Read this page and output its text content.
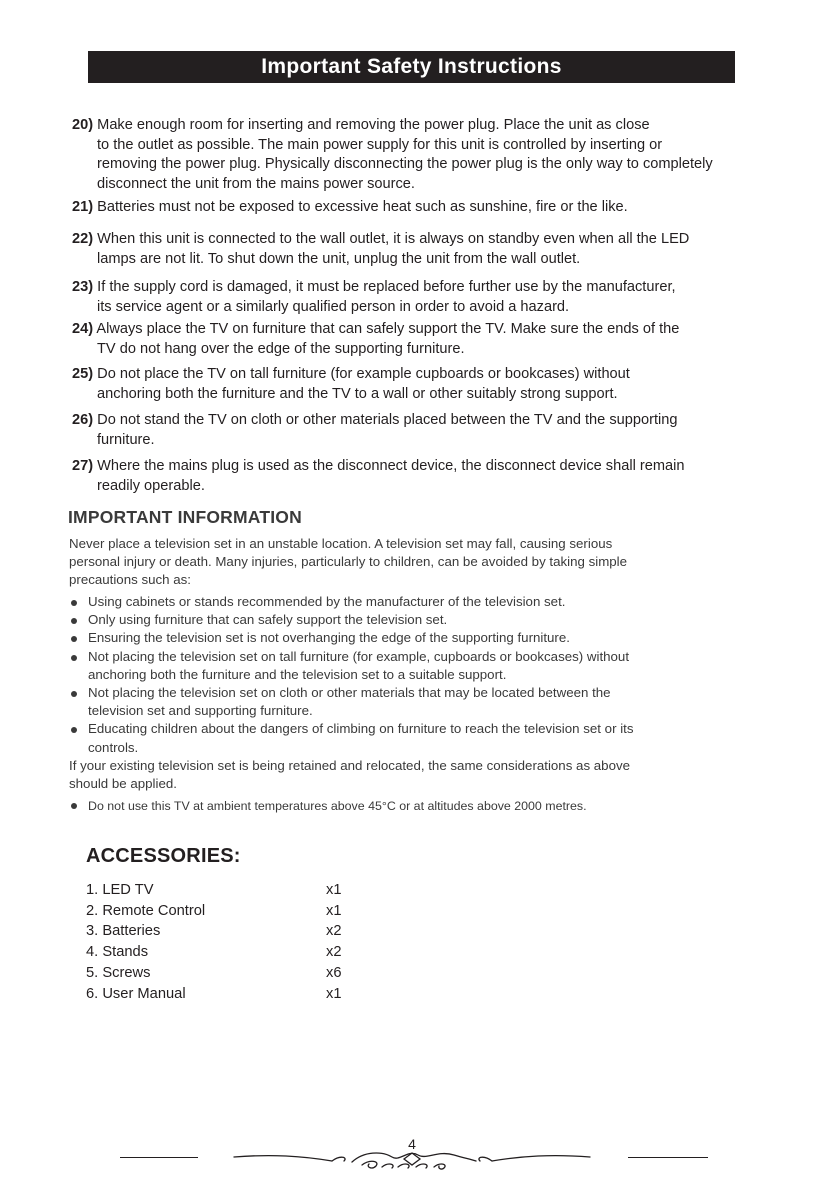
Important Safety Instructions
20) Make enough room for inserting and removing the power plug. Place the unit as close
to the outlet as possible. The main power supply for this unit is controlled by inserting or
removing the power plug. Physically disconnecting the power plug is the only way to completely
disconnect the unit from the mains power source.
21) Batteries must not be exposed to excessive heat such as sunshine, fire or the like.
22) When this unit is connected to the wall outlet, it is always on standby even when all the LED
lamps are not lit. To shut down the unit, unplug the unit from the wall outlet.
23) If the supply cord is damaged, it must be replaced before further use by the manufacturer,
its service agent or a similarly qualified person in order to avoid a hazard.
24) Always place the TV on furniture that can safely support the TV. Make sure the ends of the
TV do not hang over the edge of the supporting furniture.
25) Do not place the TV on tall furniture (for example cupboards or bookcases) without
anchoring both the furniture and the TV to a wall or other suitably strong support.
26) Do not stand the TV on cloth or other materials placed between the TV and the supporting
furniture.
27) Where the mains plug is used as the disconnect device, the disconnect device shall remain
readily operable.
IMPORTANT INFORMATION
Never place a television set in an unstable location. A television set may fall, causing serious
personal injury or death. Many injuries, particularly to children, can be avoided by taking simple
precautions such as:
Using cabinets or stands recommended by the manufacturer of the television set.
Only using furniture that can safely support the television set.
Ensuring the television set is not overhanging the edge of the supporting furniture.
Not placing the television set on tall furniture (for example, cupboards or bookcases) without
anchoring both the furniture and the television set to a suitable support.
Not placing the television set on cloth or other materials that may be located between the
television set and supporting furniture.
Educating children about the dangers of climbing on furniture to reach the television set or its
controls.
If your existing television set is being retained and relocated, the same considerations as above
should be applied.
Do not use this TV at ambient temperatures above 45°C or at altitudes above 2000 metres.
ACCESSORIES:
1. LED TV	x1
2. Remote Control	x1
3. Batteries	x2
4. Stands	x2
5. Screws	x6
6. User Manual	x1
4
